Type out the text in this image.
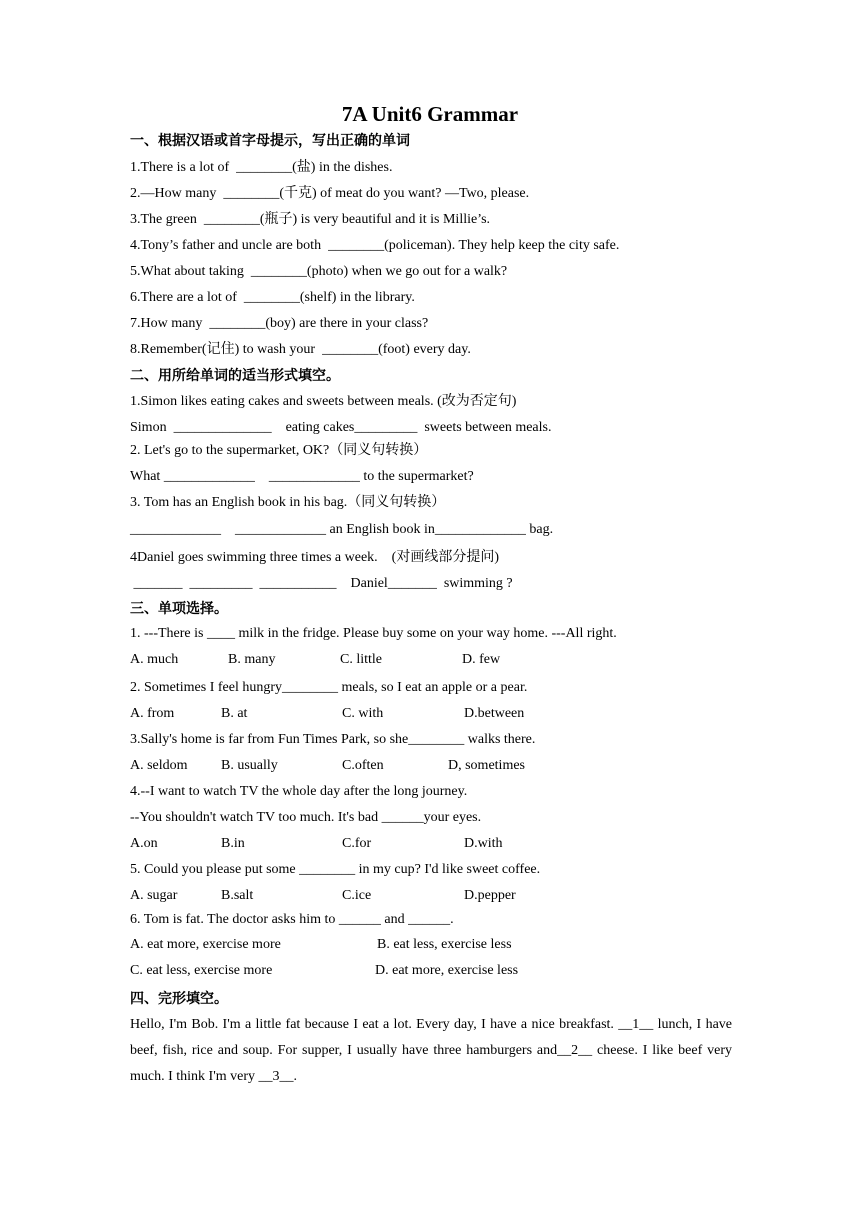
7A Unit6 Grammar
一、根据汉语或首字母提示，写出正确的单词
1.There is a lot of  ________(盐) in the dishes.
2.—How many  ________(千克) of meat do you want? —Two, please.
3.The green  ________(瓶子) is very beautiful and it is Millie’s.
4.Tony’s father and uncle are both  ________(policeman). They help keep the city safe.
5.What about taking  ________(photo) when we go out for a walk?
6.There are a lot of  ________(shelf) in the library.
7.How many  ________(boy) are there in your class?
8.Remember(记住) to wash your  ________(foot) every day.
二、用所给单词的适当形式填空。
1.Simon likes eating cakes and sweets between meals. (改为否定句)
Simon  ______________    eating cakes_________  sweets between meals.
2. Let's go to the supermarket, OK?（同义句转换）
What _____________    _____________ to the supermarket?
3. Tom has an English book in his bag.（同义句转换）
_____________    _____________ an English book in_____________ bag.
4Daniel goes swimming three times a week.    (对画线部分提问)
_______  _________  ___________    Daniel_______  swimming ?
三、单项选择。
1. ---There is ____ milk in the fridge. Please buy some on your way home. ---All right.
A. much	B. many	C. little	D. few
2. Sometimes I feel hungry________ meals, so I eat an apple or a pear.
A. from	B. at	C. with	D.between
3.Sally's home is far from Fun Times Park, so she________ walks there.
A. seldom B. usually	C.often	D, sometimes
4.--I want to watch TV the whole day after the long journey.
--You shouldn't watch TV too much. It's bad ______your eyes.
A.on	B.in	C.for	D.with
5. Could you please put some ________ in my cup? I'd like sweet coffee.
A. sugar	B.salt	C.ice	D.pepper
6. Tom is fat. The doctor asks him to ______ and ______.
A. eat more, exercise more	B. eat less, exercise less
C. eat less, exercise more	D. eat more, exercise less
四、完形填空。
Hello, I'm Bob. I'm a little fat because I eat a lot. Every day, I have a nice breakfast. __1__ lunch, I have beef, fish, rice and soup. For supper, I usually have three hamburgers and__2__ cheese. I like beef very much. I think I'm very __3__.
